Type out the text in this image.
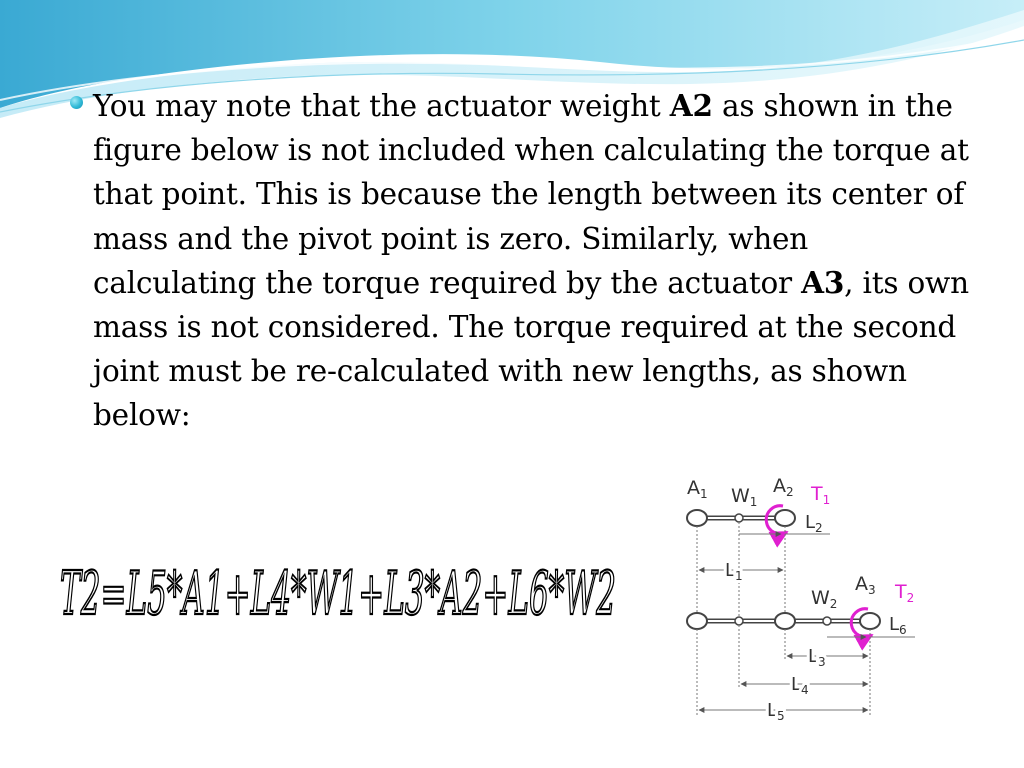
You may note that the actuator weight A2 as shown in the figure below is not included when calculating the torque at that point. This is because the length between its center of mass and the pivot point is zero. Similarly, when calculating the torque required by the actuator A3, its own mass is not considered. The torque required at the second joint must be re-calculated with new lengths, as shown below:
T2=L5*A1+L4*W1+L3*A2+L6*W2
$A_1$ $W_1$
$A_2$ $T_1$
$L_2$
$L_1$
$W_2$
$A_3$ $T_2$
$L_6$
$L_3$
$L_4$
$L_5$
